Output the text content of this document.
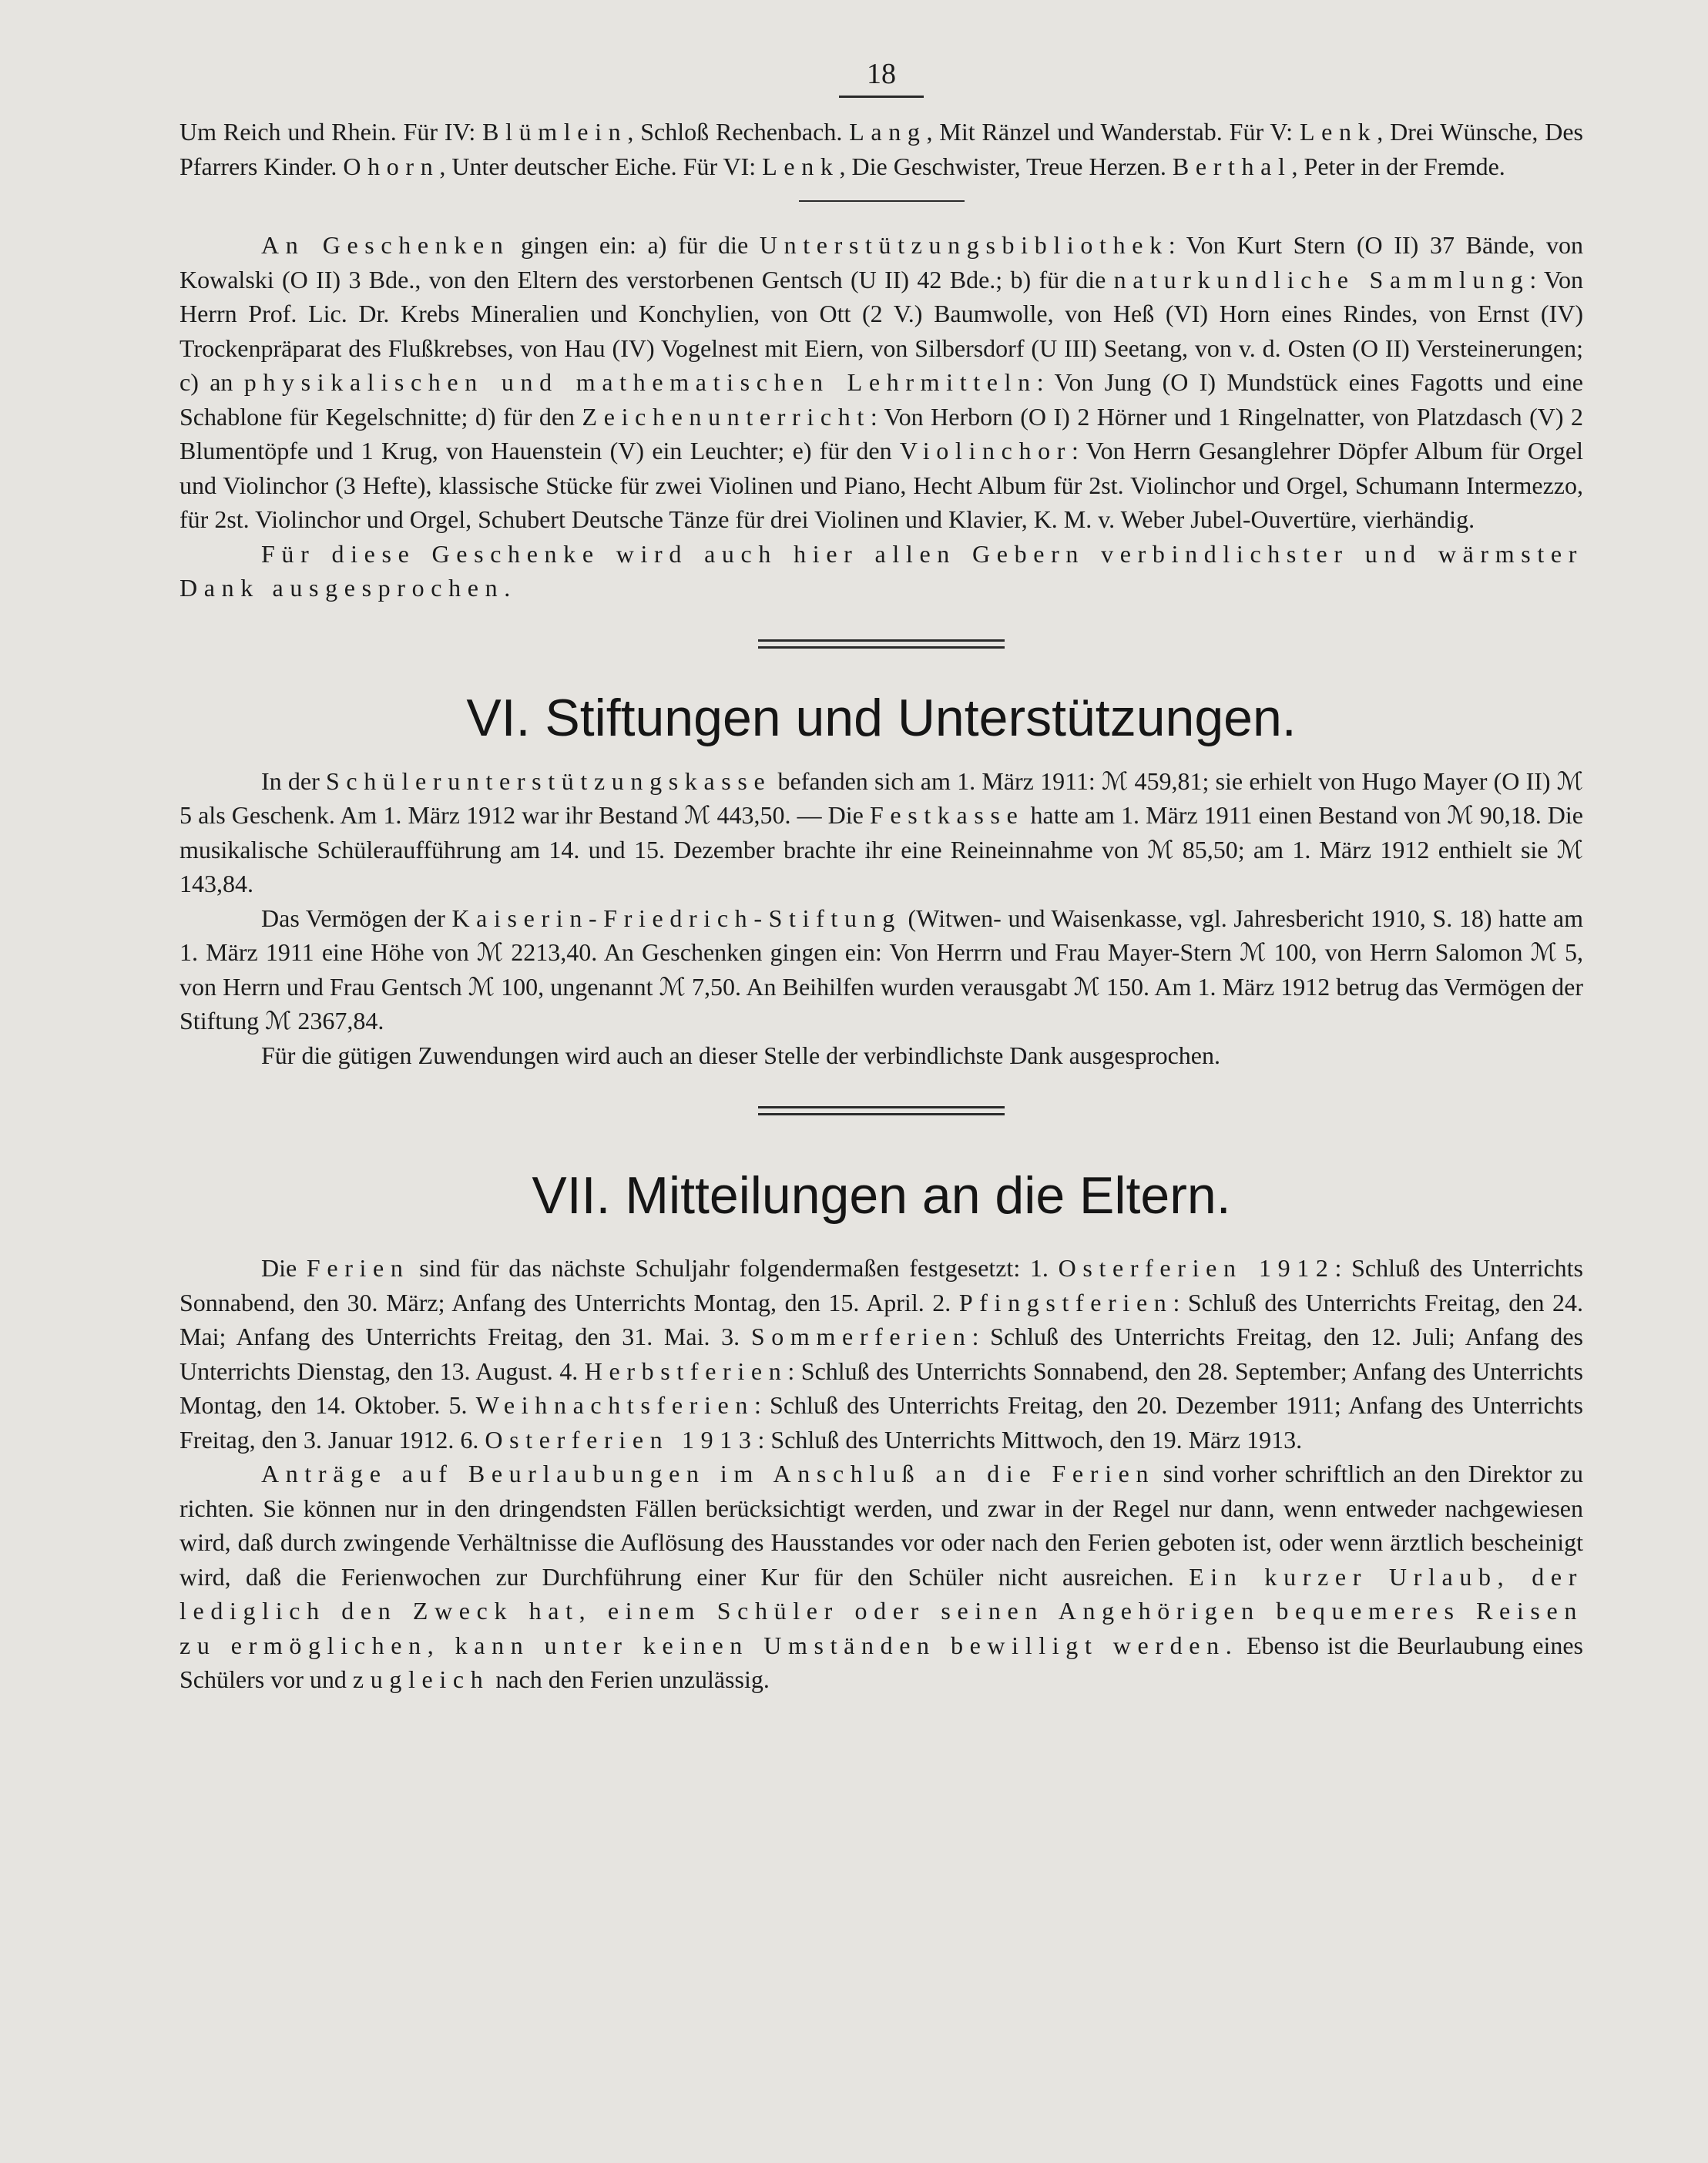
18

Um Reich und Rhein. Für IV: Blümlein, Schloß Rechenbach. Lang, Mit Ränzel und Wanderstab. Für V: Lenk, Drei Wünsche, Des Pfarrers Kinder. Ohorn, Unter deutscher Eiche. Für VI: Lenk, Die Geschwister, Treue Herzen. Berthal, Peter in der Fremde.

An Geschenken gingen ein: a) für die Unterstützungsbibliothek: Von Kurt Stern (O II) 37 Bände, von Kowalski (O II) 3 Bde., von den Eltern des verstorbenen Gentsch (U II) 42 Bde.; b) für die naturkundliche Sammlung: Von Herrn Prof. Lic. Dr. Krebs Mineralien und Konchylien, von Ott (2 V.) Baumwolle, von Heß (VI) Horn eines Rindes, von Ernst (IV) Trockenpräparat des Flußkrebses, von Hau (IV) Vogelnest mit Eiern, von Silbersdorf (U III) Seetang, von v. d. Osten (O II) Versteinerungen; c) an physikalischen und mathematischen Lehrmitteln: Von Jung (O I) Mundstück eines Fagotts und eine Schablone für Kegelschnitte; d) für den Zeichenunterricht: Von Herborn (O I) 2 Hörner und 1 Ringelnatter, von Platzdasch (V) 2 Blumentöpfe und 1 Krug, von Hauenstein (V) ein Leuchter; e) für den Violinchor: Von Herrn Gesanglehrer Döpfer Album für Orgel und Violinchor (3 Hefte), klassische Stücke für zwei Violinen und Piano, Hecht Album für 2st. Violinchor und Orgel, Schumann Intermezzo, für 2st. Violinchor und Orgel, Schubert Deutsche Tänze für drei Violinen und Klavier, K. M. v. Weber Jubel-Ouvertüre, vierhändig.

Für diese Geschenke wird auch hier allen Gebern verbindlichster und wärmster Dank ausgesprochen.

VI. Stiftungen und Unterstützungen.

In der Schülerunterstützungskasse befanden sich am 1. März 1911: ℳ 459,81; sie erhielt von Hugo Mayer (O II) ℳ 5 als Geschenk. Am 1. März 1912 war ihr Bestand ℳ 443,50. — Die Festkasse hatte am 1. März 1911 einen Bestand von ℳ 90,18. Die musikalische Schüleraufführung am 14. und 15. Dezember brachte ihr eine Reineinnahme von ℳ 85,50; am 1. März 1912 enthielt sie ℳ 143,84.

Das Vermögen der Kaiserin-Friedrich-Stiftung (Witwen- und Waisenkasse, vgl. Jahresbericht 1910, S. 18) hatte am 1. März 1911 eine Höhe von ℳ 2213,40. An Geschenken gingen ein: Von Herrrn und Frau Mayer-Stern ℳ 100, von Herrn Salomon ℳ 5, von Herrn und Frau Gentsch ℳ 100, ungenannt ℳ 7,50. An Beihilfen wurden verausgabt ℳ 150. Am 1. März 1912 betrug das Vermögen der Stiftung ℳ 2367,84.

Für die gütigen Zuwendungen wird auch an dieser Stelle der verbindlichste Dank ausgesprochen.

VII. Mitteilungen an die Eltern.

Die Ferien sind für das nächste Schuljahr folgendermaßen festgesetzt: 1. Osterferien 1912: Schluß des Unterrichts Sonnabend, den 30. März; Anfang des Unterrichts Montag, den 15. April. 2. Pfingstferien: Schluß des Unterrichts Freitag, den 24. Mai; Anfang des Unterrichts Freitag, den 31. Mai. 3. Sommerferien: Schluß des Unterrichts Freitag, den 12. Juli; Anfang des Unterrichts Dienstag, den 13. August. 4. Herbstferien: Schluß des Unterrichts Sonnabend, den 28. September; Anfang des Unterrichts Montag, den 14. Oktober. 5. Weihnachtsferien: Schluß des Unterrichts Freitag, den 20. Dezember 1911; Anfang des Unterrichts Freitag, den 3. Januar 1912. 6. Osterferien 1913: Schluß des Unterrichts Mittwoch, den 19. März 1913.

Anträge auf Beurlaubungen im Anschluß an die Ferien sind vorher schriftlich an den Direktor zu richten. Sie können nur in den dringendsten Fällen berücksichtigt werden, und zwar in der Regel nur dann, wenn entweder nachgewiesen wird, daß durch zwingende Verhältnisse die Auflösung des Hausstandes vor oder nach den Ferien geboten ist, oder wenn ärztlich bescheinigt wird, daß die Ferienwochen zur Durchführung einer Kur für den Schüler nicht ausreichen. Ein kurzer Urlaub, der lediglich den Zweck hat, einem Schüler oder seinen Angehörigen bequemeres Reisen zu ermöglichen, kann unter keinen Umständen bewilligt werden. Ebenso ist die Beurlaubung eines Schülers vor und zugleich nach den Ferien unzulässig.
